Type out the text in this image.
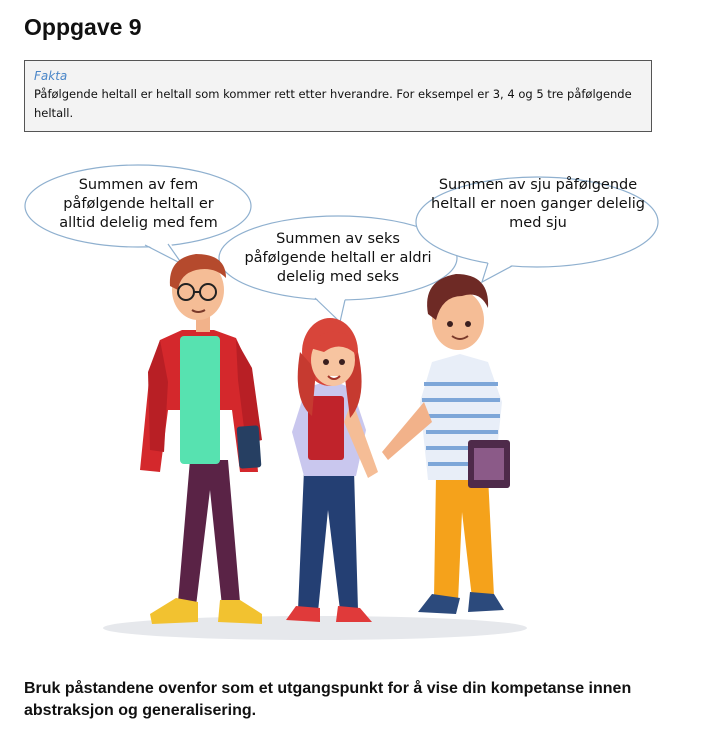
Oppgave 9
Fakta
Påfølgende heltall er heltall som kommer rett etter hverandre. For eksempel er 3, 4 og 5 tre påfølgende heltall.
Summen av fem påfølgende heltall er alltid delelig med fem
Summen av seks påfølgende heltall er aldri delelig med seks
Summen av sju påfølgende heltall er noen ganger delelig med sju

Bruk påstandene ovenfor som et utgangspunkt for å vise din kompetanse innen abstraksjon og generalisering.
